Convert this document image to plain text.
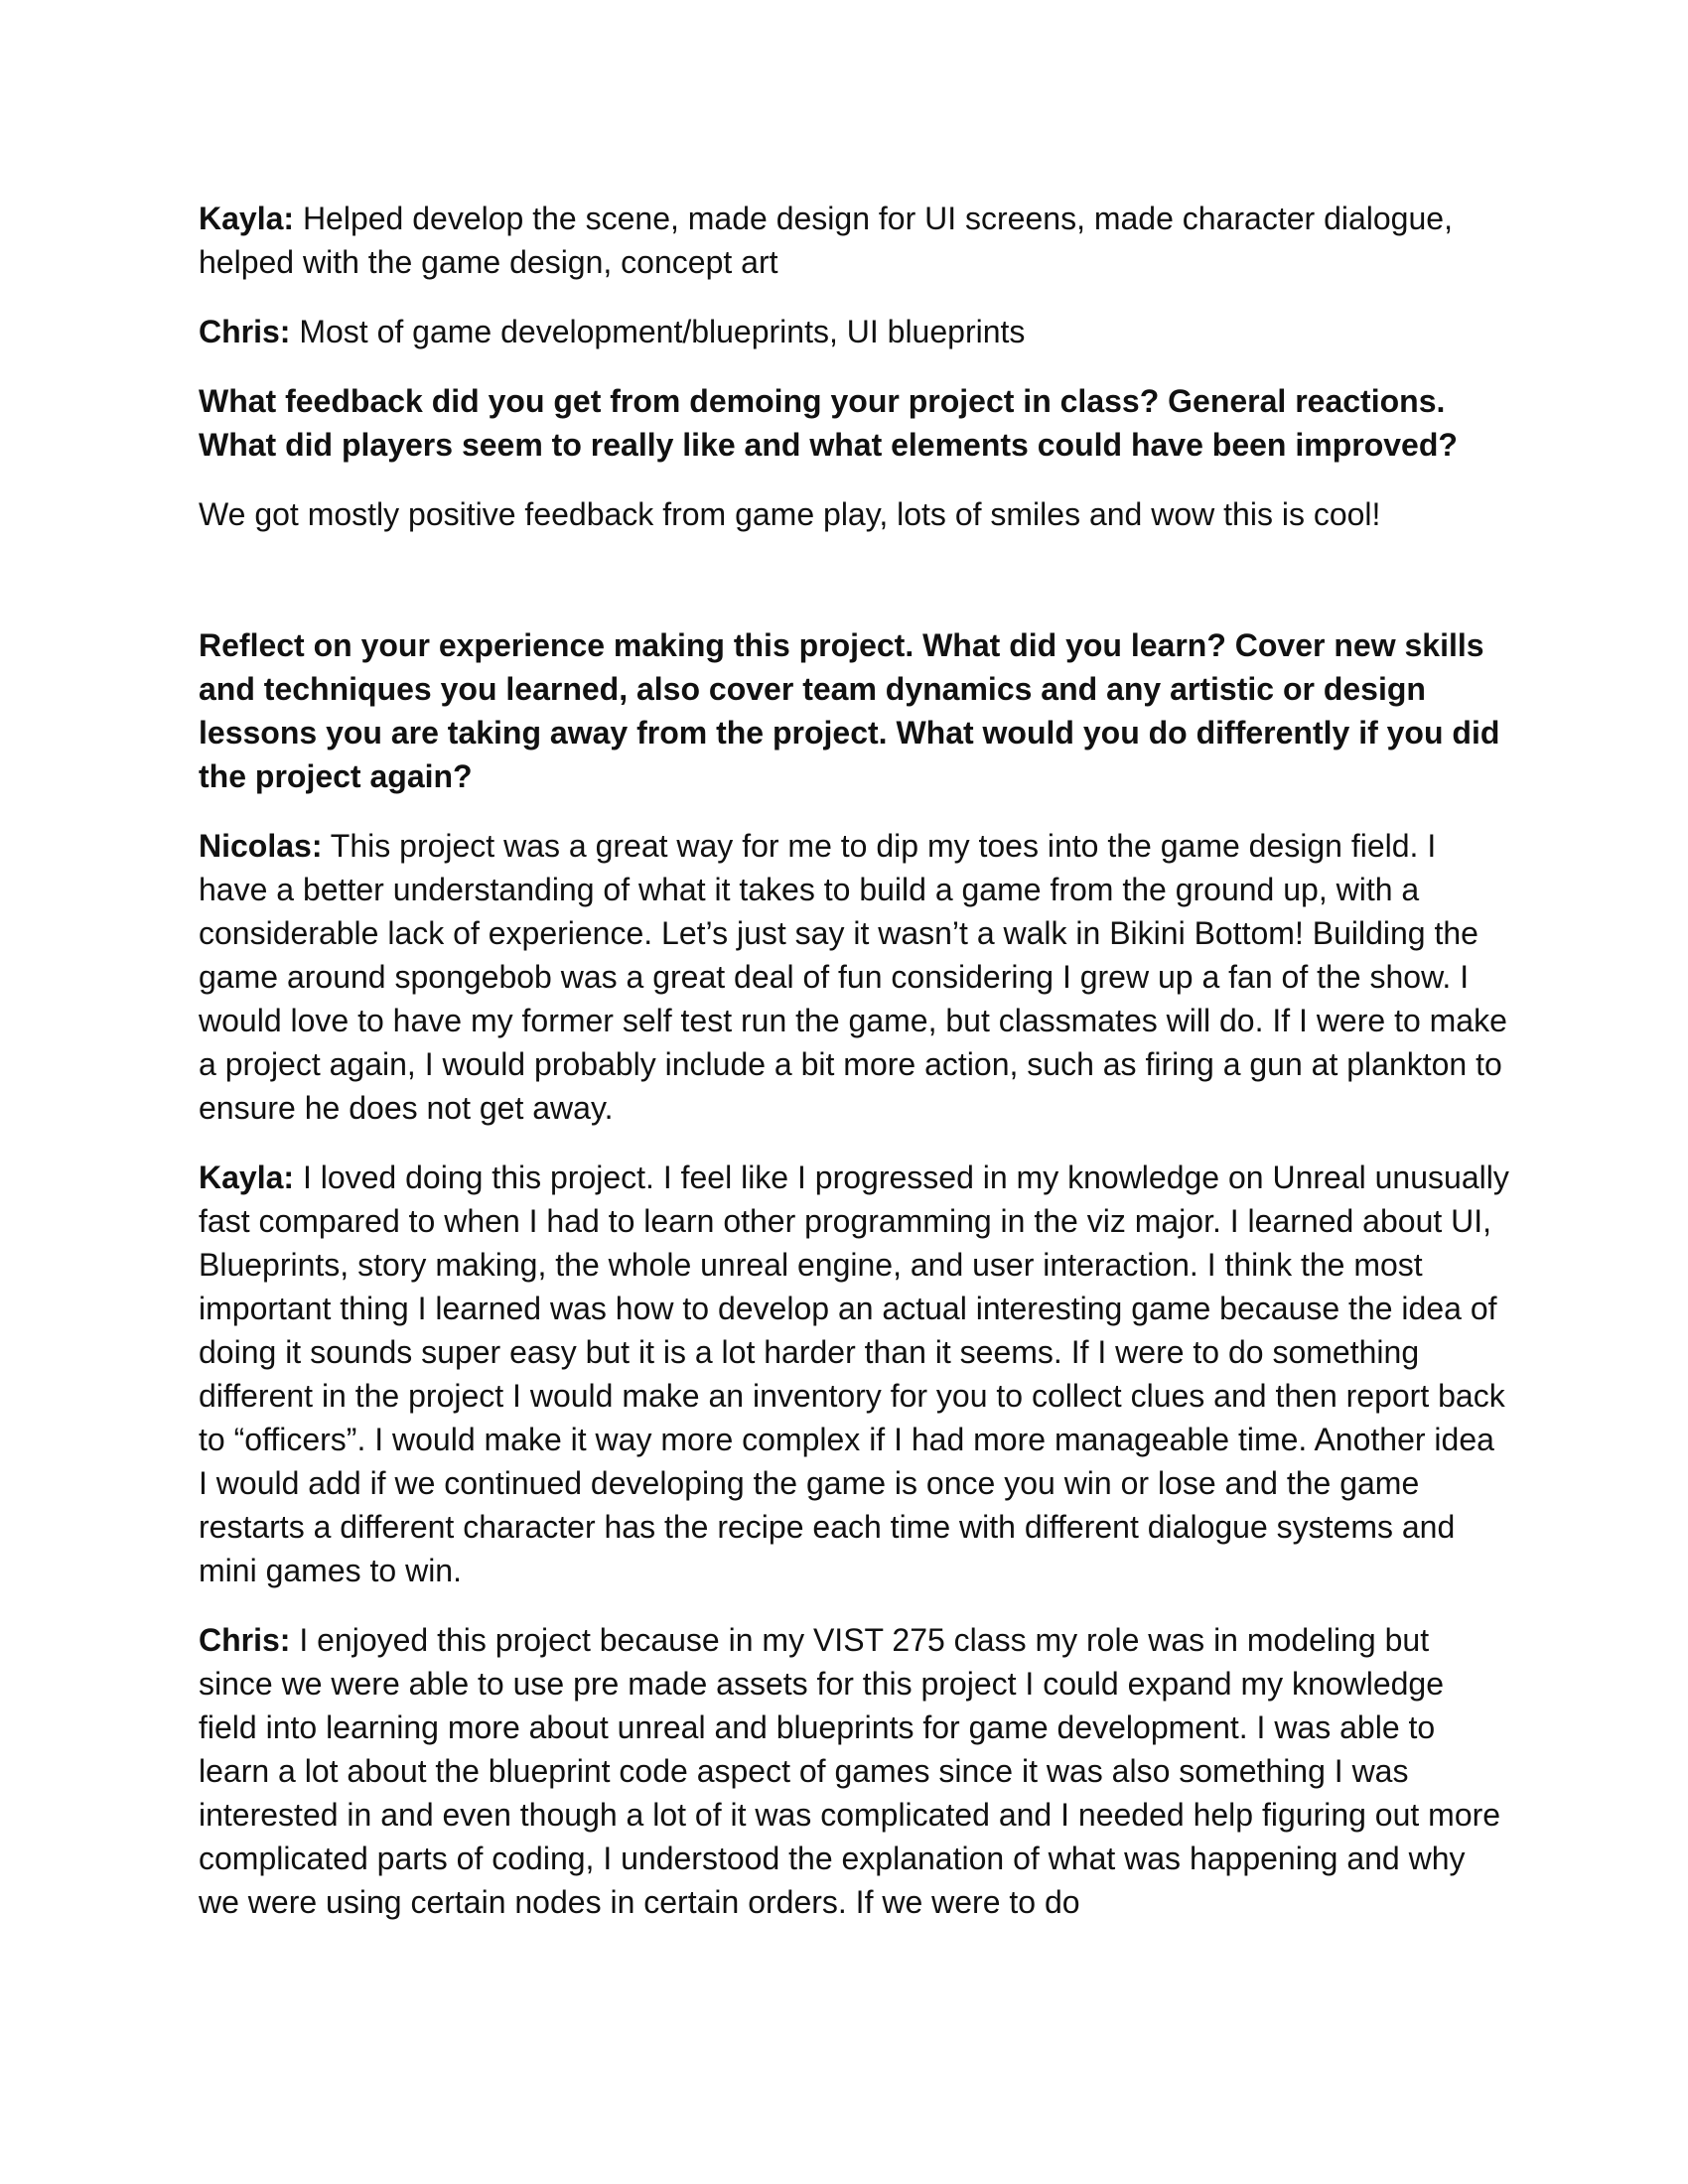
Kayla: Helped develop the scene, made design for UI screens, made character dialogue, helped with the game design, concept art

Chris: Most of game development/blueprints, UI blueprints

What feedback did you get from demoing your project in class? General reactions. What did players seem to really like and what elements could have been improved?

We got mostly positive feedback from game play, lots of smiles and wow this is cool!

Reflect on your experience making this project. What did you learn? Cover new skills and techniques you learned, also cover team dynamics and any artistic or design lessons you are taking away from the project. What would you do differently if you did the project again?

Nicolas: This project was a great way for me to dip my toes into the game design field. I have a better understanding of what it takes to build a game from the ground up, with a considerable lack of experience. Let’s just say it wasn’t a walk in Bikini Bottom! Building the game around spongebob was a great deal of fun considering I grew up a fan of the show. I would love to have my former self test run the game, but classmates will do. If I were to make a project again, I would probably include a bit more action, such as firing a gun at plankton to ensure he does not get away.

Kayla: I loved doing this project. I feel like I progressed in my knowledge on Unreal unusually fast compared to when I had to learn other programming in the viz major. I learned about UI, Blueprints, story making, the whole unreal engine, and user interaction. I think the most important thing I learned was how to develop an actual interesting game because the idea of doing it sounds super easy but it is a lot harder than it seems. If I were to do something different in the project I would make an inventory for you to collect clues and then report back to “officers”. I would make it way more complex if I had more manageable time. Another idea I would add if we continued developing the game is once you win or lose and the game restarts a different character has the recipe each time with different dialogue systems and mini games to win.

Chris: I enjoyed this project because in my VIST 275 class my role was in modeling but since we were able to use pre made assets for this project I could expand my knowledge field into learning more about unreal and blueprints for game development. I was able to learn a lot about the blueprint code aspect of games since it was also something I was interested in and even though a lot of it was complicated and I needed help figuring out more complicated parts of coding, I understood the explanation of what was happening and why we were using certain nodes in certain orders. If we were to do
